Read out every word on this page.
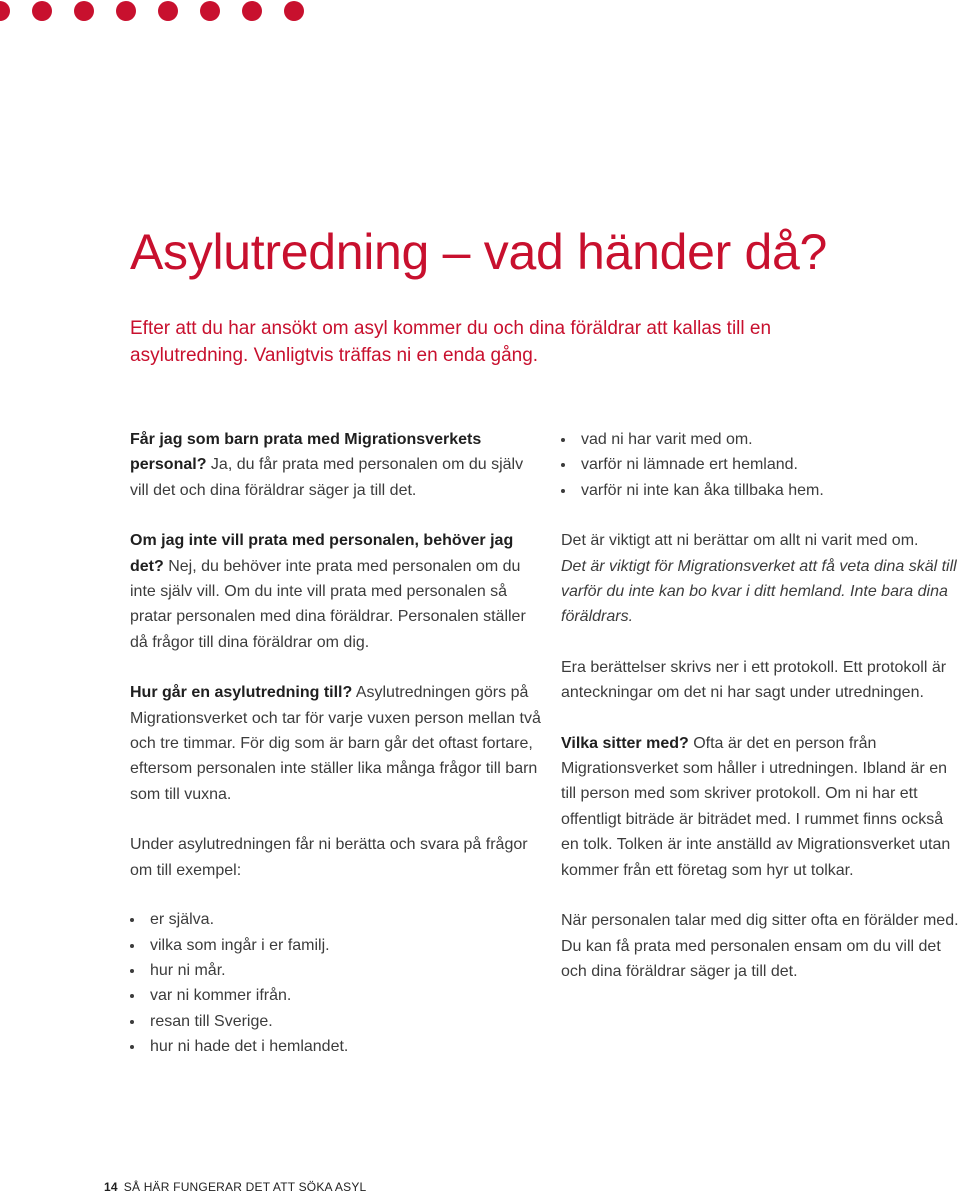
Asylutredning – vad händer då?

Efter att du har ansökt om asyl kommer du och dina föräldrar att kallas till en asylutredning. Vanligtvis träffas ni en enda gång.

Får jag som barn prata med Migrationsverkets personal? Ja, du får prata med personalen om du själv vill det och dina föräldrar säger ja till det.

Om jag inte vill prata med personalen, behöver jag det? Nej, du behöver inte prata med personalen om du inte själv vill. Om du inte vill prata med personalen så pratar personalen med dina föräldrar. Personalen ställer då frågor till dina föräldrar om dig.

Hur går en asylutredning till? Asylutredningen görs på Migrationsverket och tar för varje vuxen person mellan två och tre timmar. För dig som är barn går det oftast fortare, eftersom personalen inte ställer lika många frågor till barn som till vuxna.

Under asylutredningen får ni berätta och svara på frågor om till exempel:

er själva.
vilka som ingår i er familj.
hur ni mår.
var ni kommer ifrån.
resan till Sverige.
hur ni hade det i hemlandet.
vad ni har varit med om.
varför ni lämnade ert hemland.
varför ni inte kan åka tillbaka hem.

Det är viktigt att ni berättar om allt ni varit med om.
Det är viktigt för Migrationsverket att få veta dina skäl till varför du inte kan bo kvar i ditt hemland. Inte bara dina föräldrars.

Era berättelser skrivs ner i ett protokoll. Ett protokoll är anteckningar om det ni har sagt under utredningen.

Vilka sitter med? Ofta är det en person från Migrationsverket som håller i utredningen. Ibland är en till person med som skriver protokoll. Om ni har ett offentligt biträde är biträdet med. I rummet finns också en tolk. Tolken är inte anställd av Migrationsverket utan kommer från ett företag som hyr ut tolkar.

När personalen talar med dig sitter ofta en förälder med. Du kan få prata med personalen ensam om du vill det och dina föräldrar säger ja till det.

14 SÅ HÄR FUNGERAR DET ATT SÖKA ASYL
